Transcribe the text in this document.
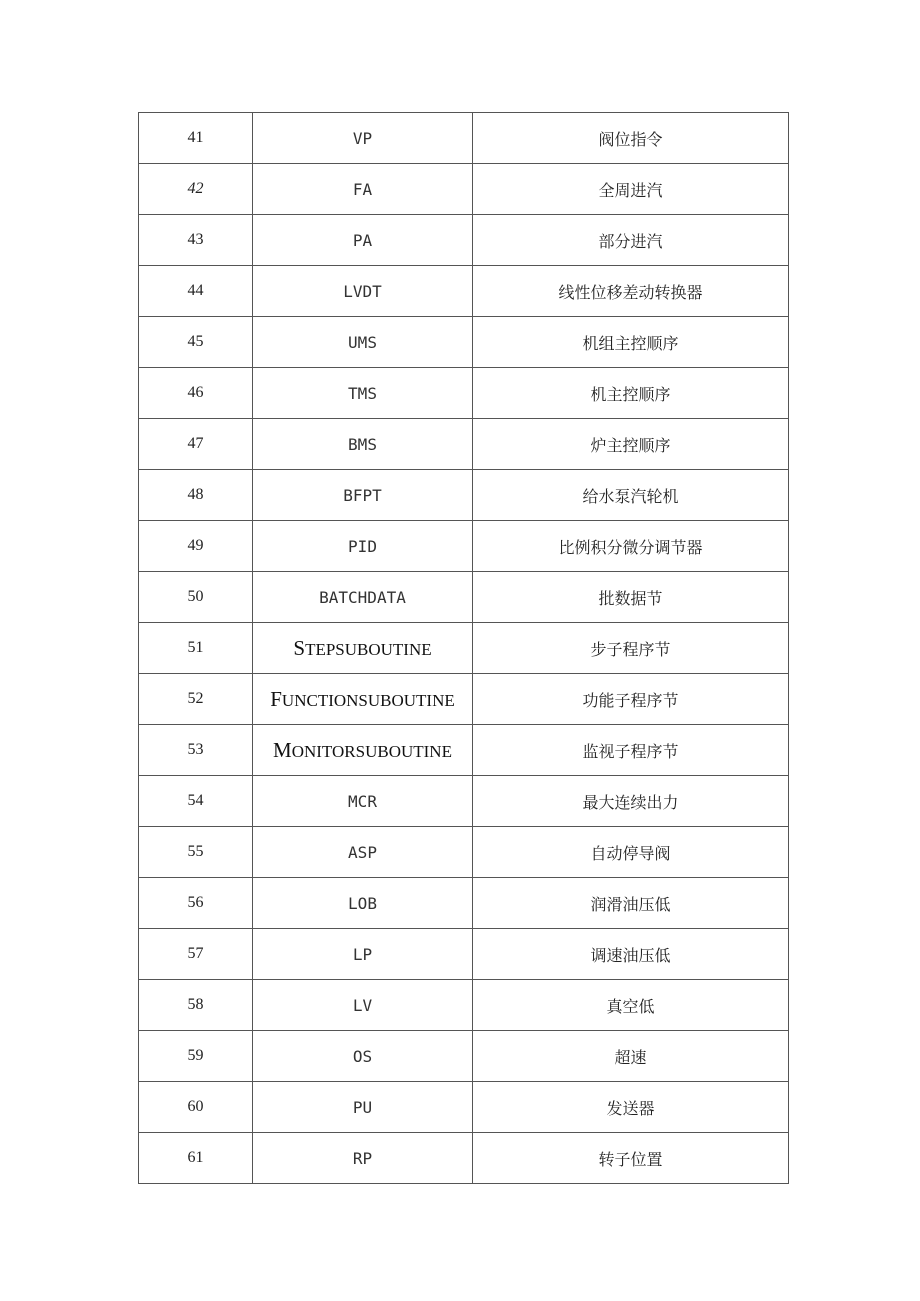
41	VP	阀位指令
42	FA	全周进汽
43	PA	部分进汽
44	LVDT	线性位移差动转换器
45	UMS	机组主控顺序
46	TMS	机主控顺序
47	BMS	炉主控顺序
48	BFPT	给水泵汽轮机
49	PID	比例积分微分调节器
50	BATCHDATA	批数据节
51	STEPSUBOUTINE	步子程序节
52	FUNCTIONSUBOUTINE	功能子程序节
53	MONITORSUBOUTINE	监视子程序节
54	MCR	最大连续出力
55	ASP	自动停导阀
56	LOB	润滑油压低
57	LP	调速油压低
58	LV	真空低
59	OS	超速
60	PU	发送器
61	RP	转子位置
